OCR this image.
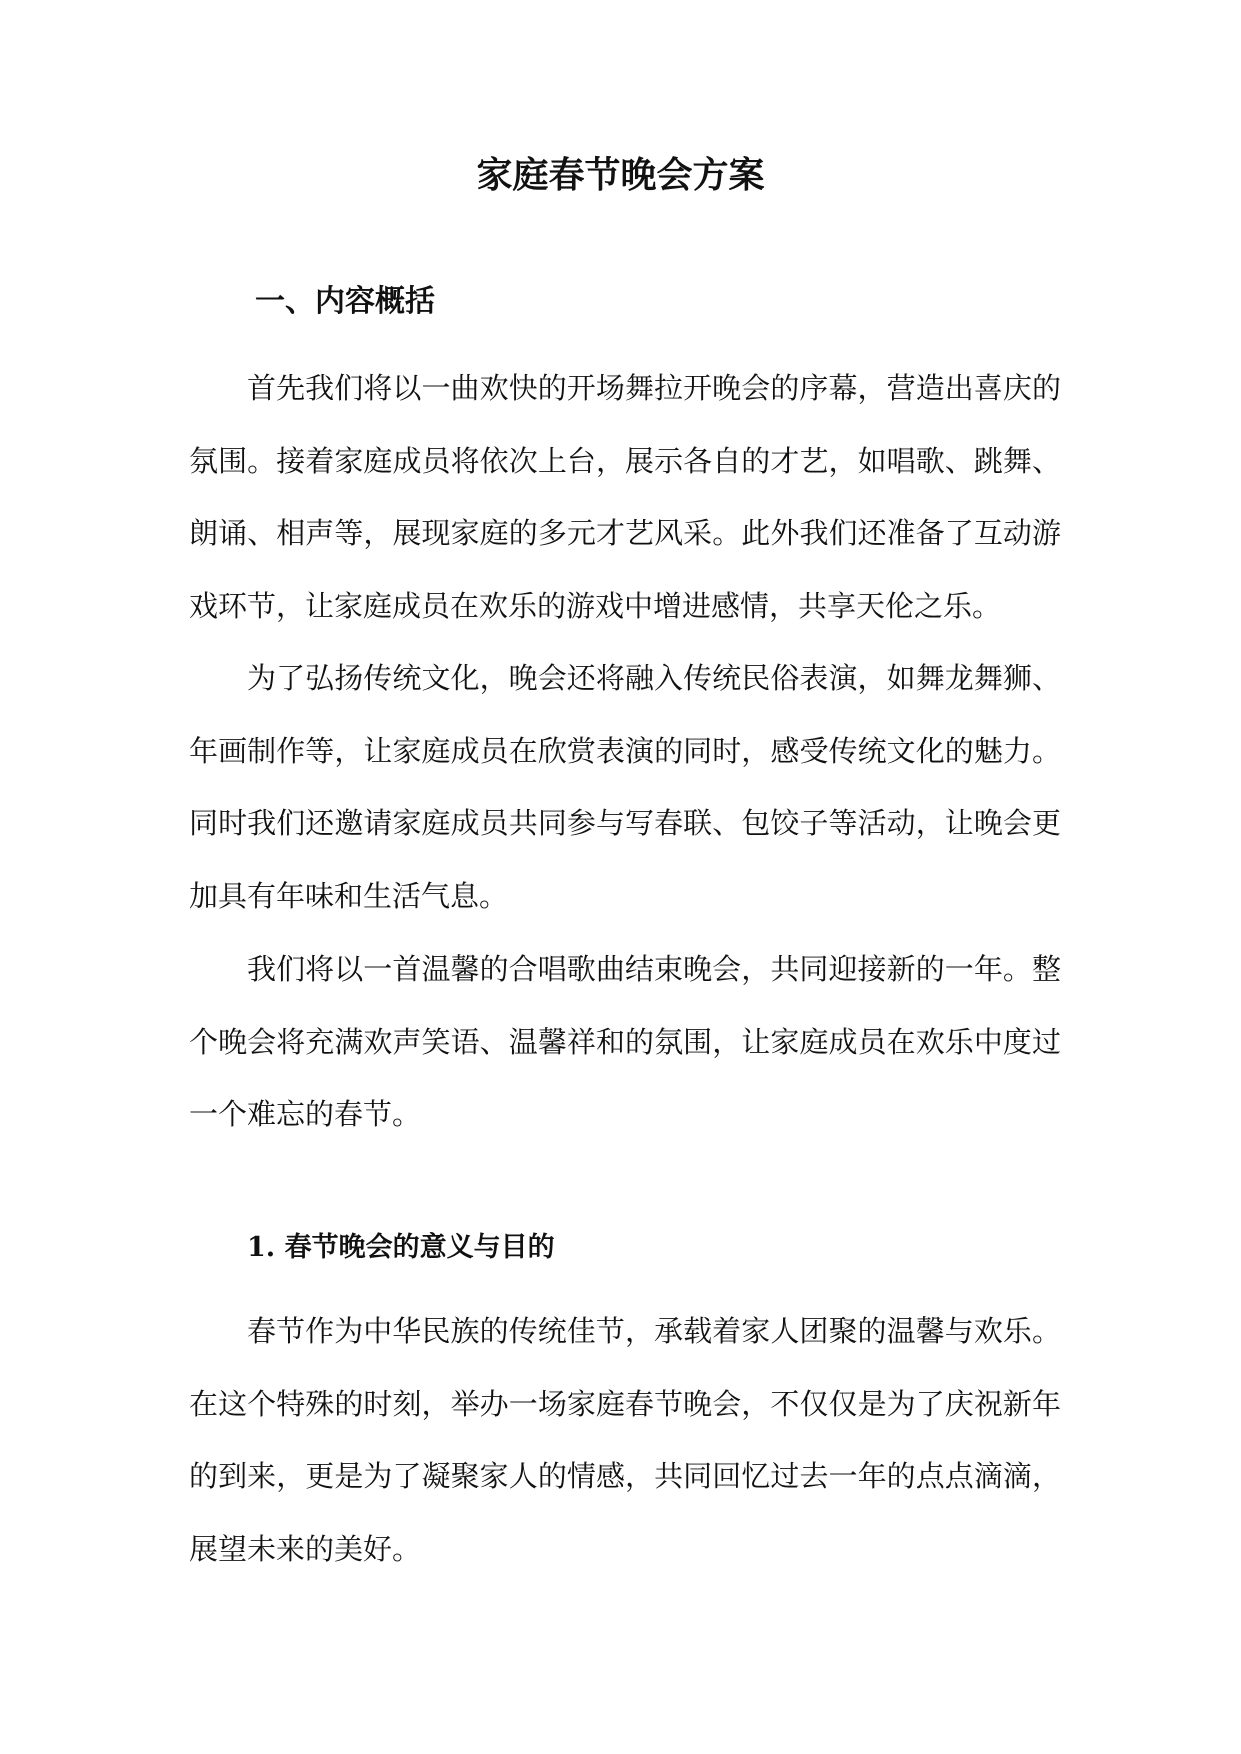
家庭春节晚会方案
一、内容概括

首先我们将以一曲欢快的开场舞拉开晚会的序幕，营造出喜庆的氛围。接着家庭成员将依次上台，展示各自的才艺，如唱歌、跳舞、朗诵、相声等，展现家庭的多元才艺风采。此外我们还准备了互动游戏环节，让家庭成员在欢乐的游戏中增进感情，共享天伦之乐。

为了弘扬传统文化，晚会还将融入传统民俗表演，如舞龙舞狮、年画制作等，让家庭成员在欣赏表演的同时，感受传统文化的魅力。同时我们还邀请家庭成员共同参与写春联、包饺子等活动，让晚会更加具有年味和生活气息。

我们将以一首温馨的合唱歌曲结束晚会，共同迎接新的一年。整个晚会将充满欢声笑语、温馨祥和的氛围，让家庭成员在欢乐中度过一个难忘的春节。

1. 春节晚会的意义与目的

春节作为中华民族的传统佳节，承载着家人团聚的温馨与欢乐。在这个特殊的时刻，举办一场家庭春节晚会，不仅仅是为了庆祝新年的到来，更是为了凝聚家人的情感，共同回忆过去一年的点点滴滴，展望未来的美好。
